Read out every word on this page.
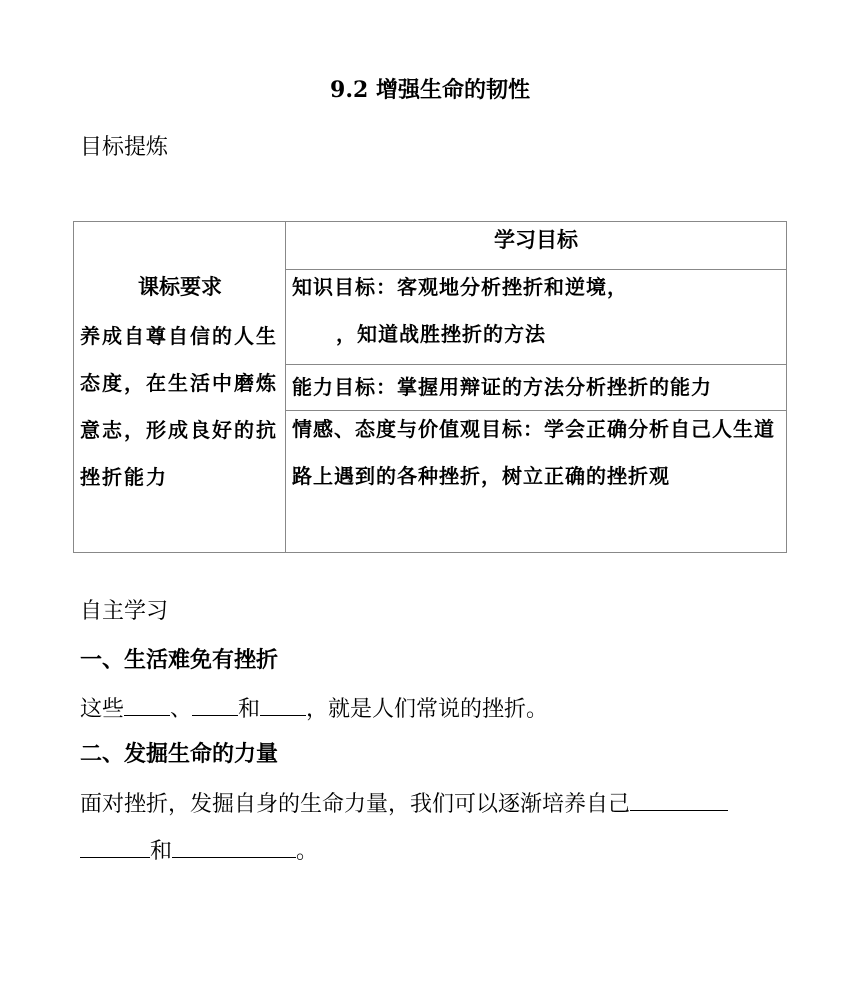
9.2 增强生命的韧性
目标提炼
课标要求
养成自尊自信的人生态度，在生活中磨炼意志，形成良好的抗挫折能力
学习目标
知识目标：客观地分析挫折和逆境，
，知道战胜挫折的方法
能力目标：掌握用辩证的方法分析挫折的能力
情感、态度与价值观目标：学会正确分析自己人生道路上遇到的各种挫折，树立正确的挫折观
自主学习
一、生活难免有挫折
这些 、 和 ，就是人们常说的挫折。
二、发掘生命的力量
面对挫折，发掘自身的生命力量，我们可以逐渐培养自己
和	。
